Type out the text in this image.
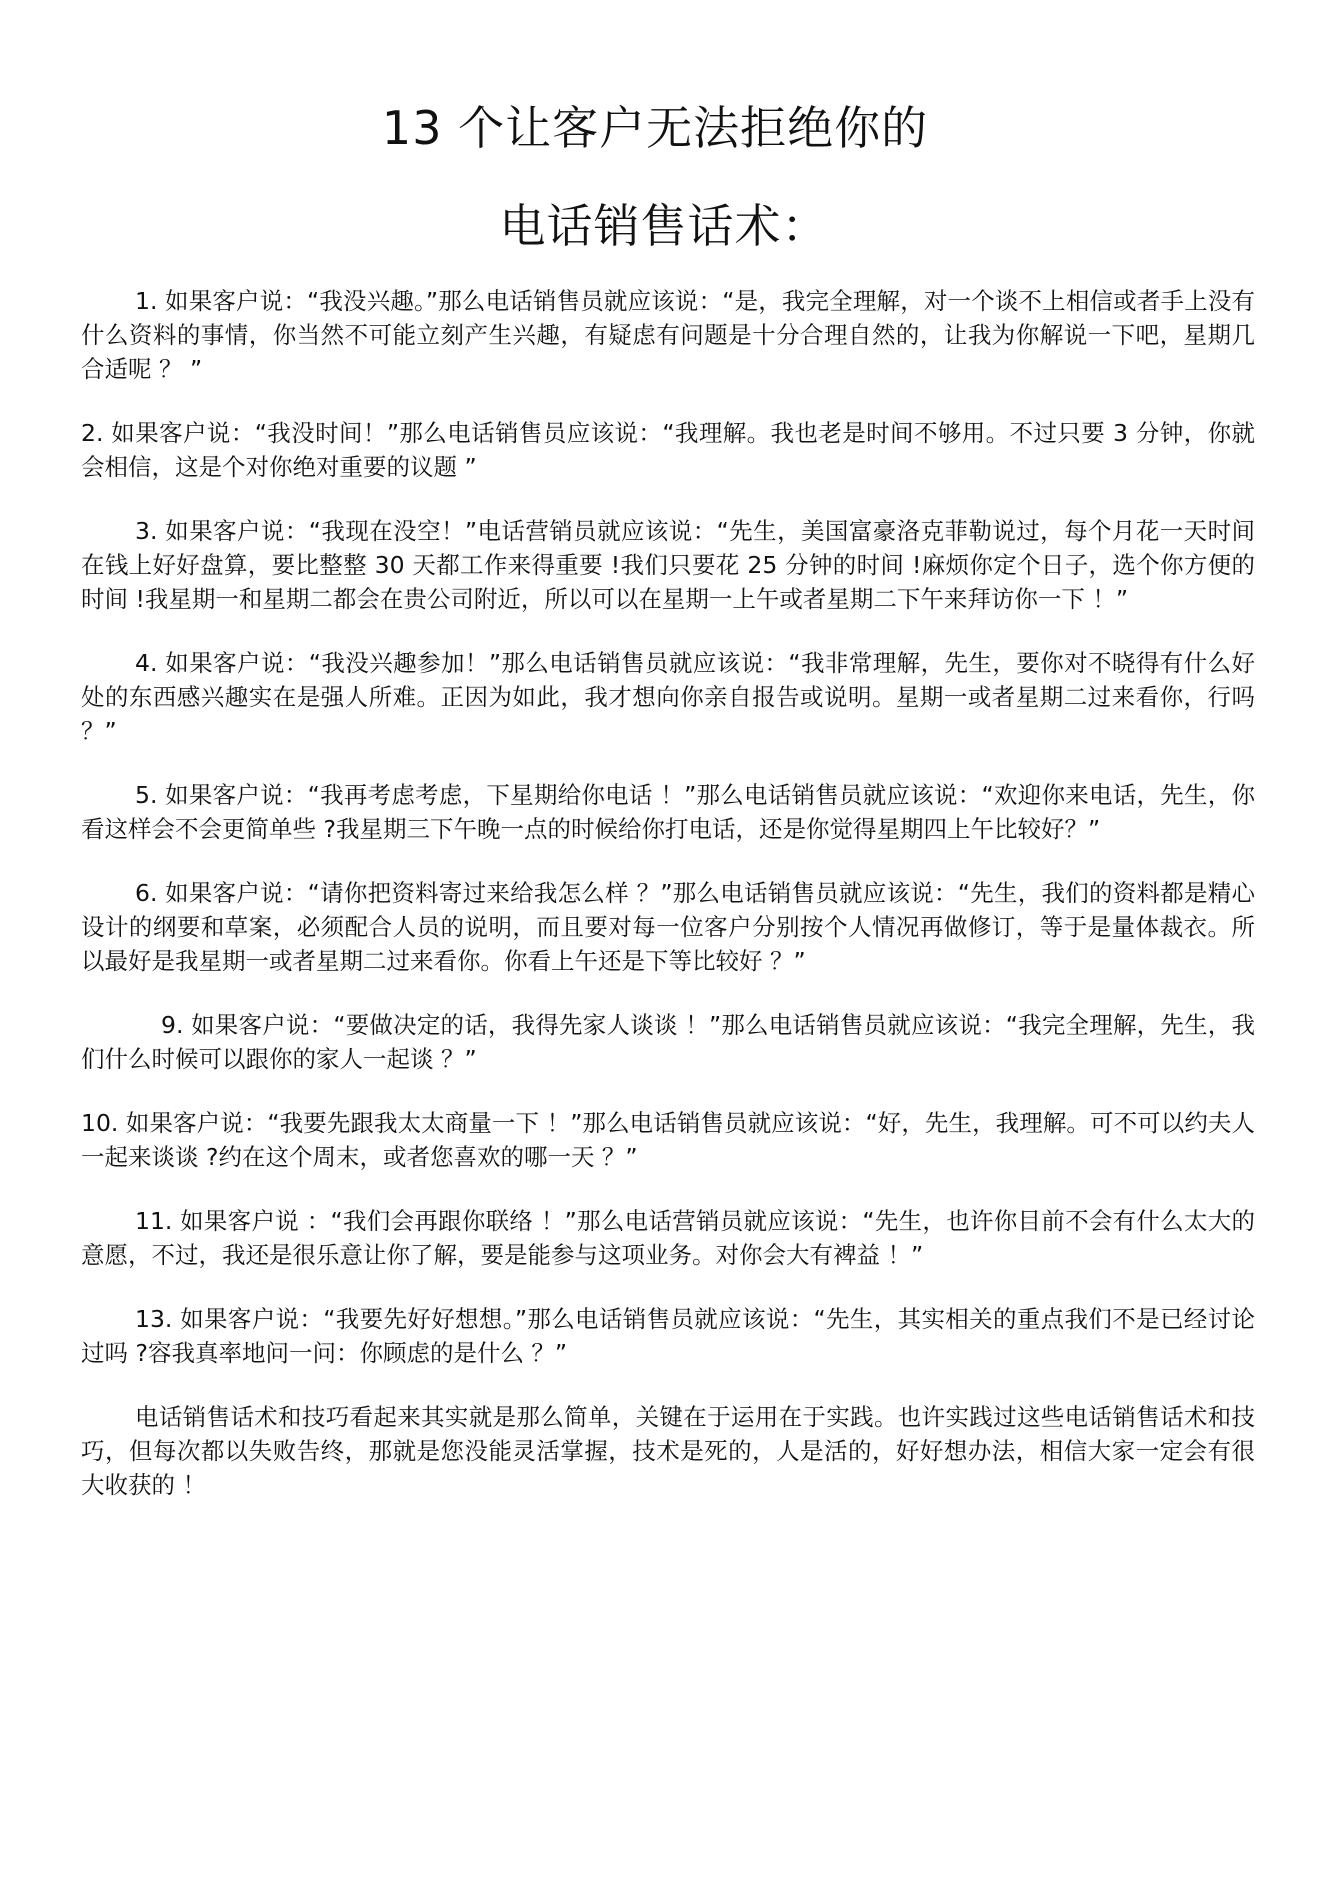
13 个让客户无法拒绝你的
电话销售话术：

1. 如果客户说：“我没兴趣。”那么电话销售员就应该说：“是，我完全理解，对一个谈不上相信或者手上没有什么资料的事情，你当然不可能立刻产生兴趣，有疑虑有问题是十分合理自然的，让我为你解说一下吧，星期几合适呢 ？ ”

2. 如果客户说：“我没时间！”那么电话销售员应该说：“我理解。我也老是时间不够用。不过只要 3 分钟，你就会相信，这是个对你绝对重要的议题 ”

3. 如果客户说：“我现在没空！”电话营销员就应该说：“先生，美国富豪洛克菲勒说过，每个月花一天时间在钱上好好盘算，要比整整 30 天都工作来得重要 !我们只要花 25 分钟的时间 !麻烦你定个日子，选个你方便的时间 !我星期一和星期二都会在贵公司附近，所以可以在星期一上午或者星期二下午来拜访你一下 ！”

4. 如果客户说：“我没兴趣参加！”那么电话销售员就应该说：“我非常理解，先生，要你对不晓得有什么好处的东西感兴趣实在是强人所难。正因为如此，我才想向你亲自报告或说明。星期一或者星期二过来看你，行吗 ？”

5. 如果客户说：“我再考虑考虑，下星期给你电话 ！”那么电话销售员就应该说：“欢迎你来电话，先生，你看这样会不会更简单些 ?我星期三下午晚一点的时候给你打电话，还是你觉得星期四上午比较好？”

6. 如果客户说：“请你把资料寄过来给我怎么样 ？”那么电话销售员就应该说：“先生，我们的资料都是精心设计的纲要和草案，必须配合人员的说明，而且要对每一位客户分别按个人情况再做修订，等于是量体裁衣。所以最好是我星期一或者星期二过来看你。你看上午还是下等比较好 ？”

9. 如果客户说：“要做决定的话，我得先家人谈谈 ！”那么电话销售员就应该说：“我完全理解，先生，我们什么时候可以跟你的家人一起谈 ？”

10. 如果客户说：“我要先跟我太太商量一下 ！”那么电话销售员就应该说：“好，先生，我理解。可不可以约夫人一起来谈谈 ?约在这个周末，或者您喜欢的哪一天 ？”

11. 如果客户说 ：“我们会再跟你联络 ！”那么电话营销员就应该说：“先生，也许你目前不会有什么太大的意愿，不过，我还是很乐意让你了解，要是能参与这项业务。对你会大有裨益 ！”

13. 如果客户说：“我要先好好想想。”那么电话销售员就应该说：“先生，其实相关的重点我们不是已经讨论过吗 ?容我真率地问一问：你顾虑的是什么 ？”

电话销售话术和技巧看起来其实就是那么简单，关键在于运用在于实践。也许实践过这些电话销售话术和技巧，但每次都以失败告终，那就是您没能灵活掌握，技术是死的，人是活的，好好想办法，相信大家一定会有很大收获的 ！
